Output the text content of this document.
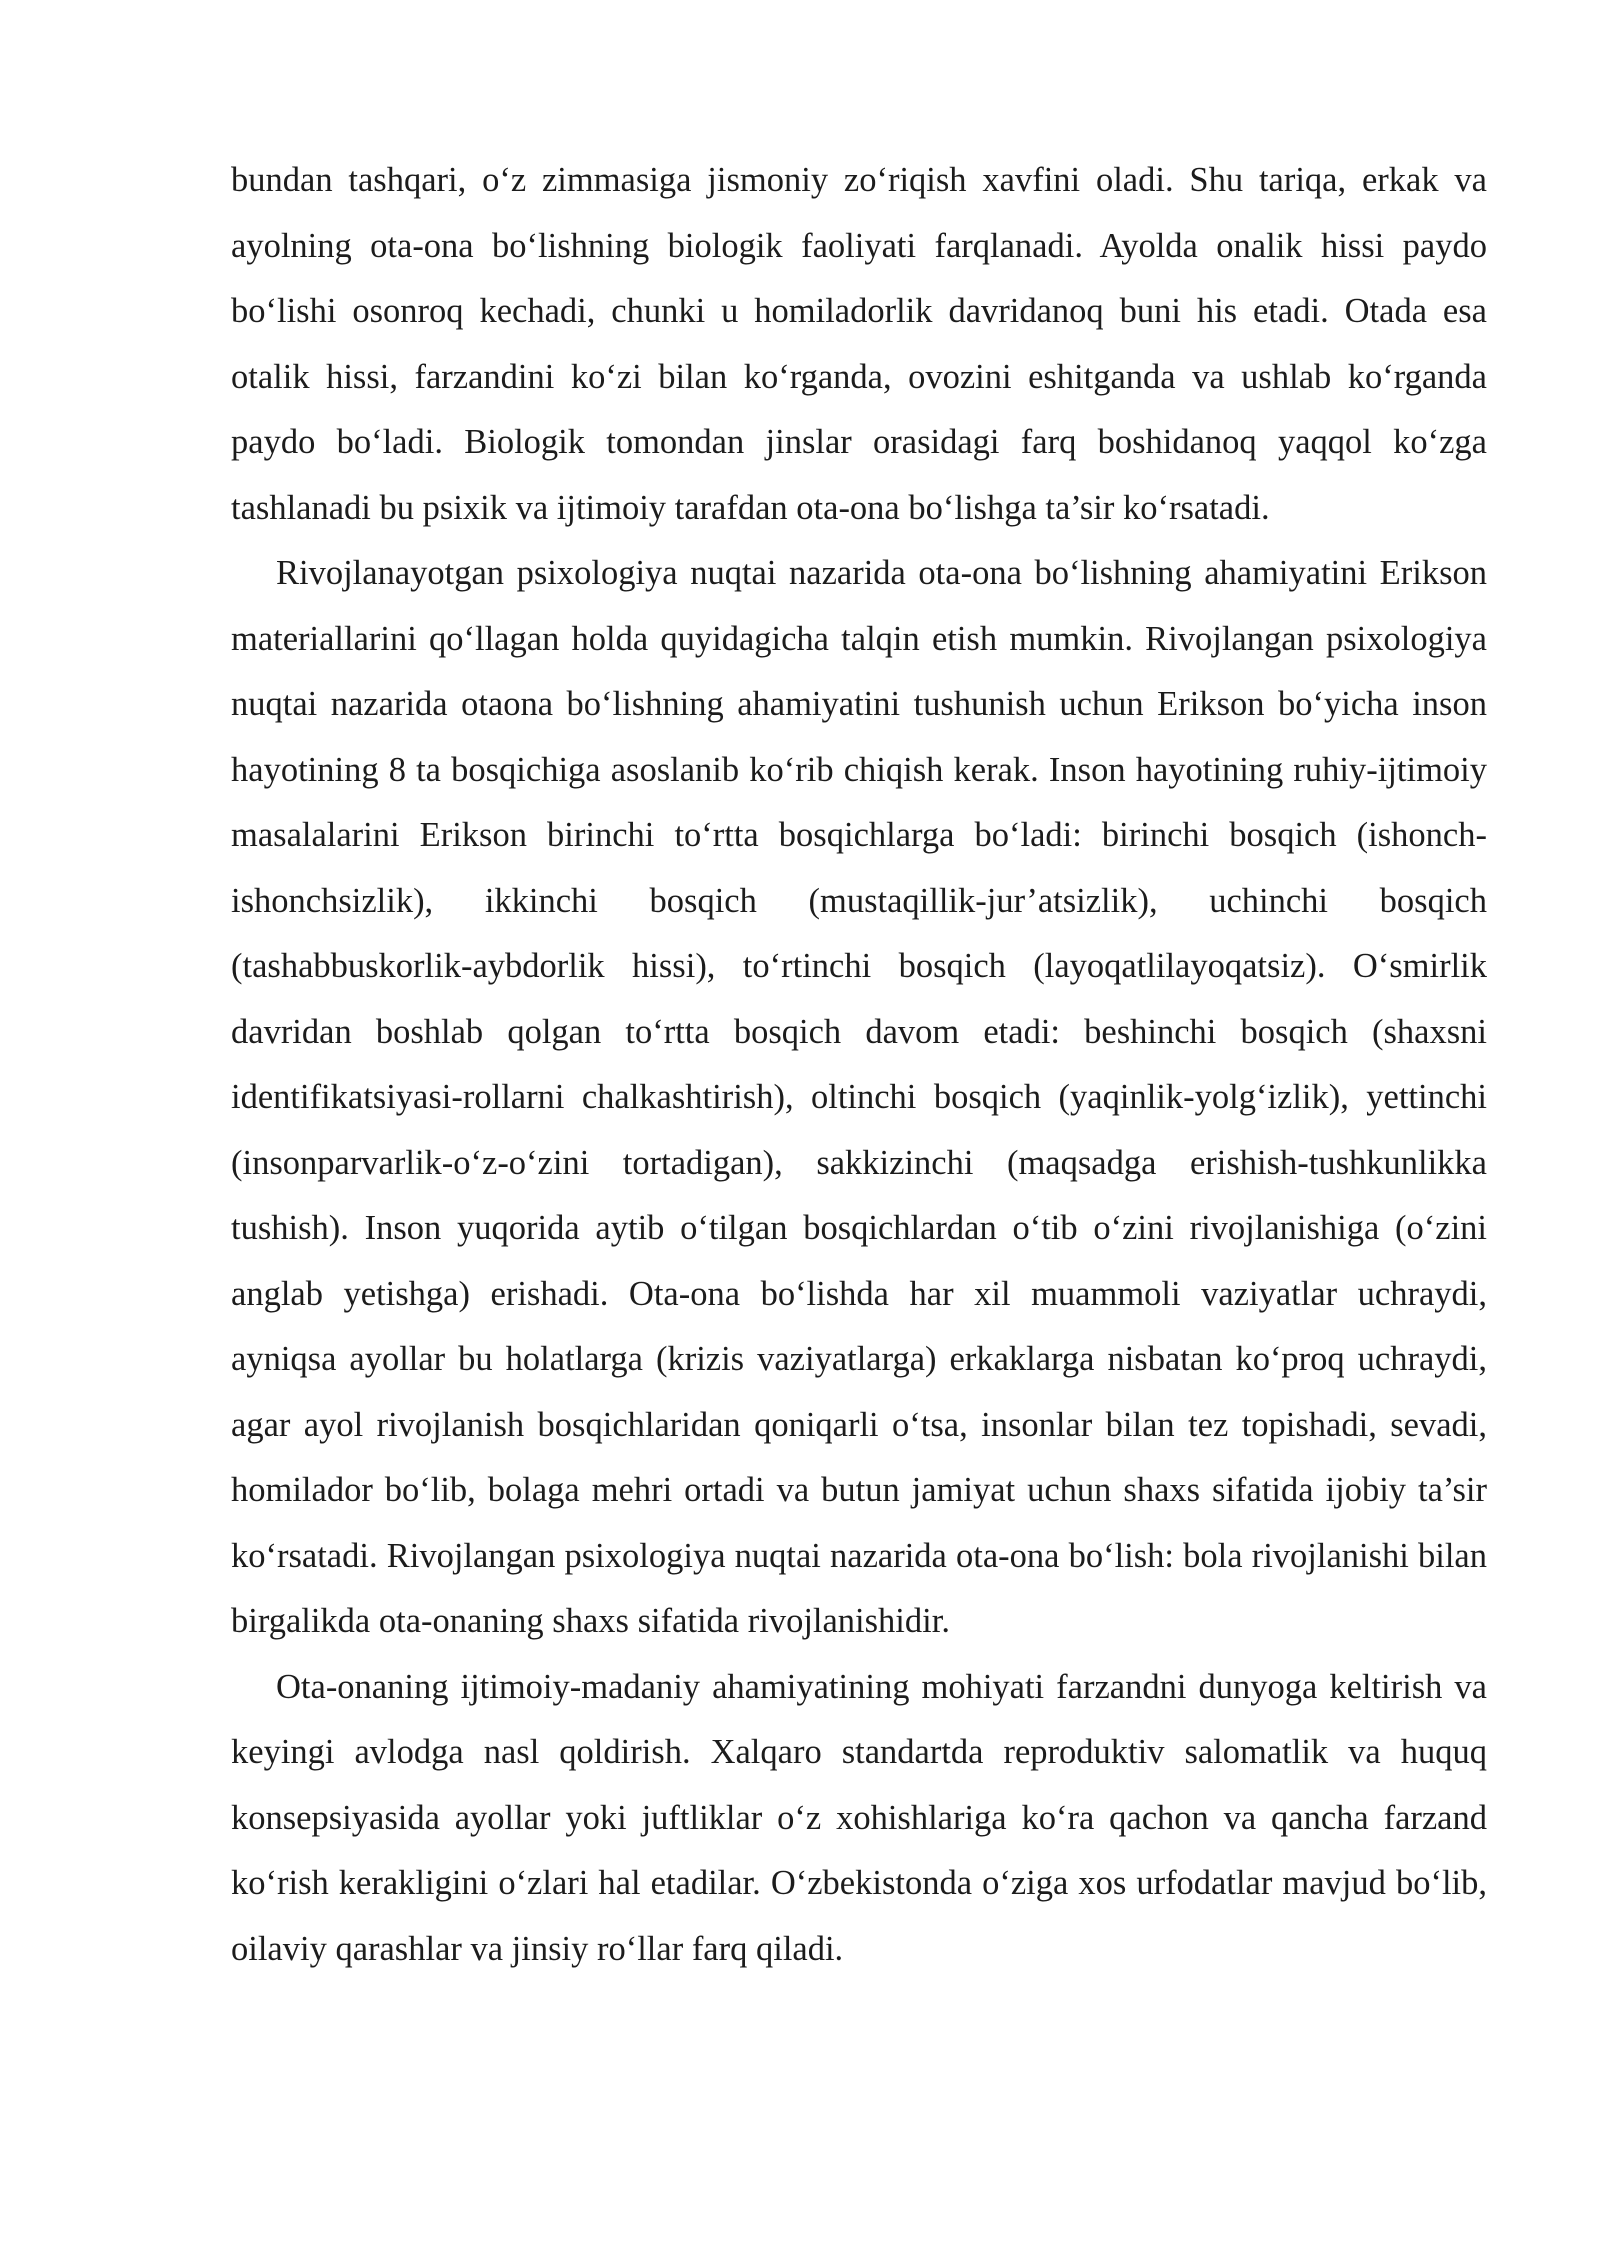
bundan tashqari, o‘z zimmasiga jismoniy zo‘riqish xavfini oladi. Shu tariqa, erkak va ayolning ota-ona bo‘lishning biologik faoliyati farqlanadi. Ayolda onalik hissi paydo bo‘lishi osonroq kechadi, chunki u homiladorlik davridanoq buni his etadi. Otada esa otalik hissi, farzandini ko‘zi bilan ko‘rganda, ovozini eshitganda va ushlab ko‘rganda paydo bo‘ladi. Biologik tomondan jinslar orasidagi farq boshidanoq yaqqol ko‘zga tashlanadi bu psixik va ijtimoiy tarafdan ota-ona bo‘lishga ta’sir ko‘rsatadi.

Rivojlanayotgan psixologiya nuqtai nazarida ota-ona bo‘lishning ahamiyatini Erikson materiallarini qo‘llagan holda quyidagicha talqin etish mumkin. Rivojlangan psixologiya nuqtai nazarida otaona bo‘lishning ahamiyatini tushunish uchun Erikson bo‘yicha inson hayotining 8 ta bosqichiga asoslanib ko‘rib chiqish kerak. Inson hayotining ruhiy-ijtimoiy masalalarini Erikson birinchi to‘rtta bosqichlarga bo‘ladi: birinchi bosqich (ishonch-ishonchsizlik), ikkinchi bosqich (mustaqillik-jur’atsizlik), uchinchi bosqich (tashabbuskorlik-aybdorlik hissi), to‘rtinchi bosqich (layoqatlilayoqatsiz). O‘smirlik davridan boshlab qolgan to‘rtta bosqich davom etadi: beshinchi bosqich (shaxsni identifikatsiyasi-rollarni chalkashtirish), oltinchi bosqich (yaqinlik-yolg‘izlik), yettinchi (insonparvarlik-o‘z-o‘zini tortadigan), sakkizinchi (maqsadga erishish-tushkunlikka tushish). Inson yuqorida aytib o‘tilgan bosqichlardan o‘tib o‘zini rivojlanishiga (o‘zini anglab yetishga) erishadi. Ota-ona bo‘lishda har xil muammoli vaziyatlar uchraydi, ayniqsa ayollar bu holatlarga (krizis vaziyatlarga) erkaklarga nisbatan ko‘proq uchraydi, agar ayol rivojlanish bosqichlaridan qoniqarli o‘tsa, insonlar bilan tez topishadi, sevadi, homilador bo‘lib, bolaga mehri ortadi va butun jamiyat uchun shaxs sifatida ijobiy ta’sir ko‘rsatadi. Rivojlangan psixologiya nuqtai nazarida ota-ona bo‘lish: bola rivojlanishi bilan birgalikda ota-onaning shaxs sifatida rivojlanishidir.

Ota-onaning ijtimoiy-madaniy ahamiyatining mohiyati farzandni dunyoga keltirish va keyingi avlodga nasl qoldirish. Xalqaro standartda reproduktiv salomatlik va huquq konsepsiyasida ayollar yoki juftliklar o‘z xohishlariga ko‘ra qachon va qancha farzand ko‘rish kerakligini o‘zlari hal etadilar. O‘zbekistonda o‘ziga xos urfodatlar mavjud bo‘lib, oilaviy qarashlar va jinsiy ro‘llar farq qiladi.
